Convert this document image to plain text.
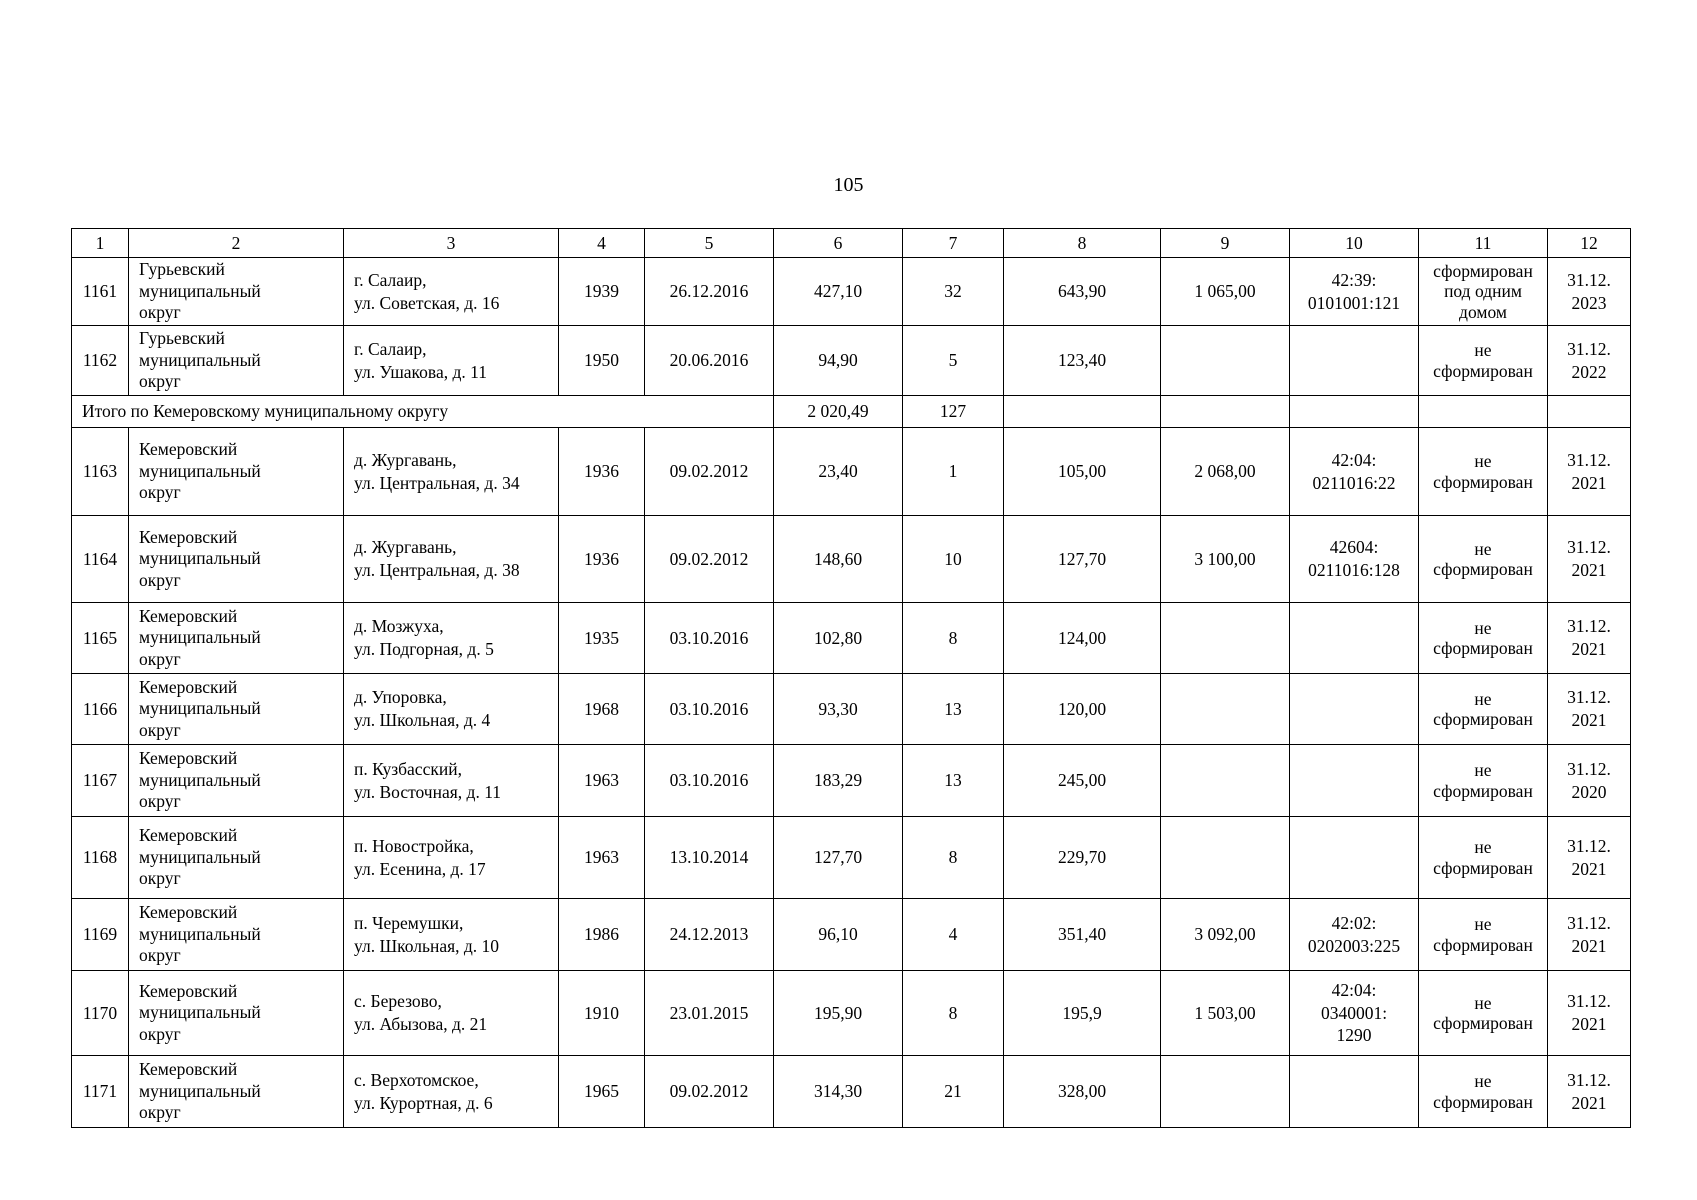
105
1	2	3	4	5	6	7	8	9	10	11	12
1161	Гурьевский
муниципальный
округ	г. Салаир,
ул. Советская, д. 16	1939	26.12.2016	427,10	32	643,90	1 065,00	42:39:
0101001:121	сформирован
под одним
домом	31.12.
2023
1162	Гурьевский
муниципальный
округ	г. Салаир,
ул. Ушакова, д. 11	1950	20.06.2016	94,90	5	123,40			не
сформирован	31.12.
2022
Итого по Кемеровскому муниципальному округу					2 020,49	127					
1163	Кемеровский
муниципальный
округ	д. Жургавань,
ул. Центральная, д. 34	1936	09.02.2012	23,40	1	105,00	2 068,00	42:04:
0211016:22	не
сформирован	31.12.
2021
1164	Кемеровский
муниципальный
округ	д. Жургавань,
ул. Центральная, д. 38	1936	09.02.2012	148,60	10	127,70	3 100,00	42604:
0211016:128	не
сформирован	31.12.
2021
1165	Кемеровский
муниципальный
округ	д. Мозжуха,
ул. Подгорная, д. 5	1935	03.10.2016	102,80	8	124,00			не
сформирован	31.12.
2021
1166	Кемеровский
муниципальный
округ	д. Упоровка,
ул. Школьная, д. 4	1968	03.10.2016	93,30	13	120,00			не
сформирован	31.12.
2021
1167	Кемеровский
муниципальный
округ	п. Кузбасский,
ул. Восточная, д. 11	1963	03.10.2016	183,29	13	245,00			не
сформирован	31.12.
2020
1168	Кемеровский
муниципальный
округ	п. Новостройка,
ул. Есенина, д. 17	1963	13.10.2014	127,70	8	229,70			не
сформирован	31.12.
2021
1169	Кемеровский
муниципальный
округ	п. Черемушки,
ул. Школьная, д. 10	1986	24.12.2013	96,10	4	351,40	3 092,00	42:02:
0202003:225	не
сформирован	31.12.
2021
1170	Кемеровский
муниципальный
округ	с. Березово,
ул. Абызова, д. 21	1910	23.01.2015	195,90	8	195,9	1 503,00	42:04:
0340001:
1290	не
сформирован	31.12.
2021
1171	Кемеровский
муниципальный
округ	с. Верхотомское,
ул. Курортная, д. 6	1965	09.02.2012	314,30	21	328,00			не
сформирован	31.12.
2021
